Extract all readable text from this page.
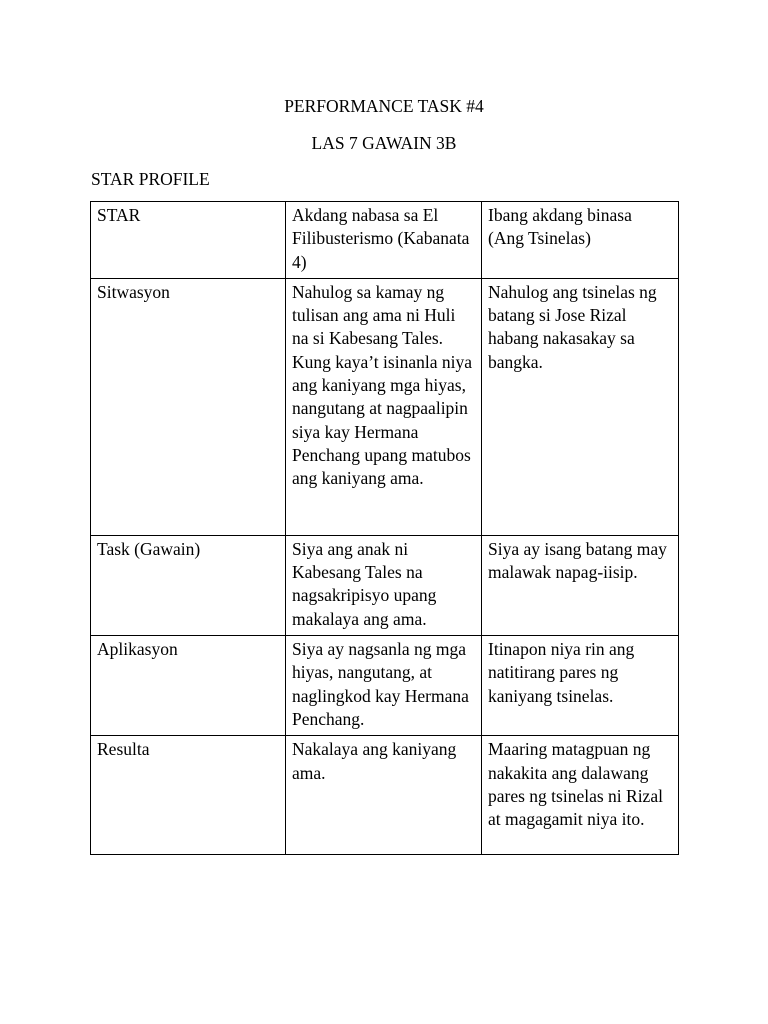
PERFORMANCE TASK #4
LAS 7 GAWAIN 3B
STAR PROFILE
STAR	Akdang nabasa sa El Filibusterismo (Kabanata 4)	Ibang akdang binasa (Ang Tsinelas)
Sitwasyon	Nahulog sa kamay ng tulisan ang ama ni Huli na si Kabesang Tales. Kung kaya’t isinanla niya ang kaniyang mga hiyas, nangutang at nagpaalipin siya kay Hermana Penchang upang matubos ang kaniyang ama.	Nahulog ang tsinelas ng batang si Jose Rizal habang nakasakay sa bangka.
Task (Gawain)	Siya ang anak ni Kabesang Tales na nagsakripisyo upang makalaya ang ama.	Siya ay isang batang may malawak napag-iisip.
Aplikasyon	Siya ay nagsanla ng mga hiyas, nangutang, at naglingkod kay Hermana Penchang.	Itinapon niya rin ang natitirang pares ng kaniyang tsinelas.
Resulta	Nakalaya ang kaniyang ama.	Maaring matagpuan ng nakakita ang dalawang pares ng tsinelas ni Rizal at magagamit niya ito.
